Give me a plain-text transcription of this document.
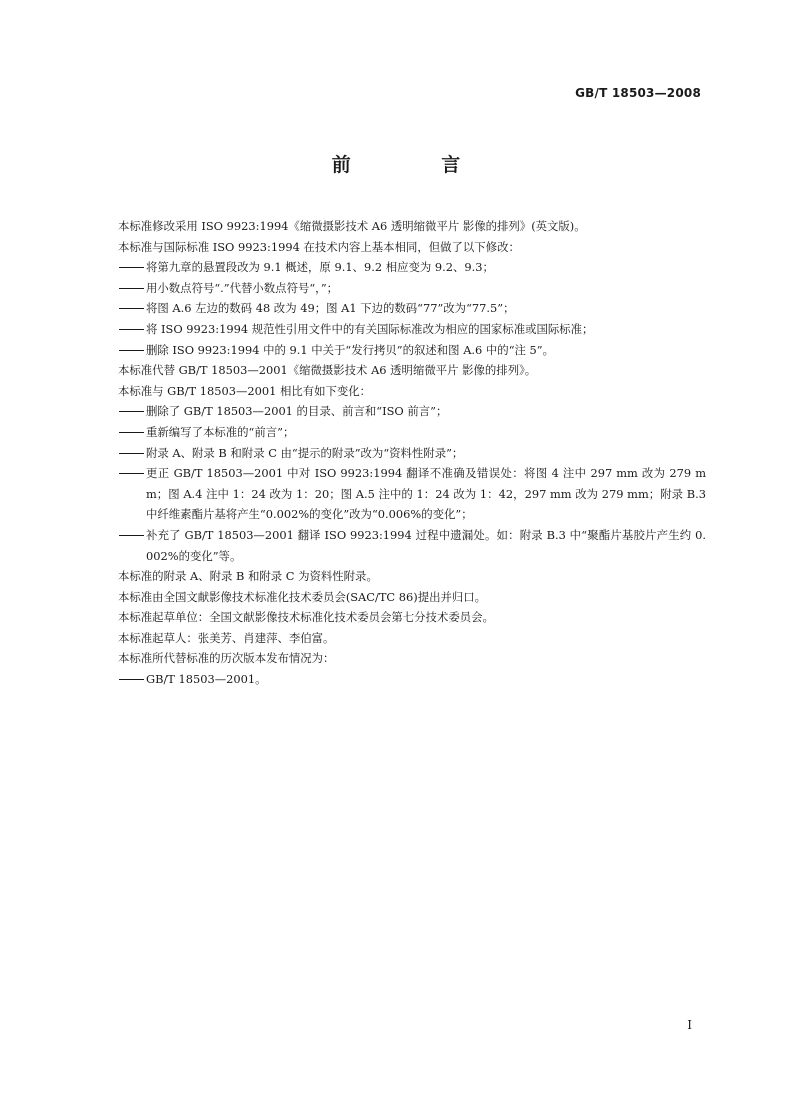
GB/T 18503—2008
前 言
本标准修改采用 ISO 9923:1994《缩微摄影技术 A6 透明缩微平片 影像的排列》(英文版)。
本标准与国际标准 ISO 9923:1994 在技术内容上基本相同，但做了以下修改：
将第九章的悬置段改为 9.1 概述，原 9.1、9.2 相应变为 9.2、9.3；
用小数点符号“.”代替小数点符号“，”；
将图 A.6 左边的数码 48 改为 49；图 A1 下边的数码“77”改为“77.5”；
将 ISO 9923:1994 规范性引用文件中的有关国际标准改为相应的国家标准或国际标准；
删除 ISO 9923:1994 中的 9.1 中关于“发行拷贝”的叙述和图 A.6 中的“注 5”。
本标准代替 GB/T 18503—2001《缩微摄影技术 A6 透明缩微平片 影像的排列》。
本标准与 GB/T 18503—2001 相比有如下变化：
删除了 GB/T 18503—2001 的目录、前言和“ISO 前言”；
重新编写了本标准的“前言”；
附录 A、附录 B 和附录 C 由“提示的附录”改为“资料性附录”；
更正 GB/T 18503—2001 中对 ISO 9923:1994 翻译不准确及错误处：将图 4 注中 297 mm 改为 279 mm；图 A.4 注中 1：24 改为 1：20；图 A.5 注中的 1：24 改为 1：42，297 mm 改为 279 mm；附录 B.3 中纤维素酯片基将产生“0.002%的变化”改为“0.006%的变化”；
补充了 GB/T 18503—2001 翻译 ISO 9923:1994 过程中遗漏处。如：附录 B.3 中“聚酯片基胶片产生约 0.002%的变化”等。
本标准的附录 A、附录 B 和附录 C 为资料性附录。
本标准由全国文献影像技术标准化技术委员会(SAC/TC 86)提出并归口。
本标准起草单位：全国文献影像技术标准化技术委员会第七分技术委员会。
本标准起草人：张美芳、肖建萍、李伯富。
本标准所代替标准的历次版本发布情况为：
GB/T 18503—2001。
I
